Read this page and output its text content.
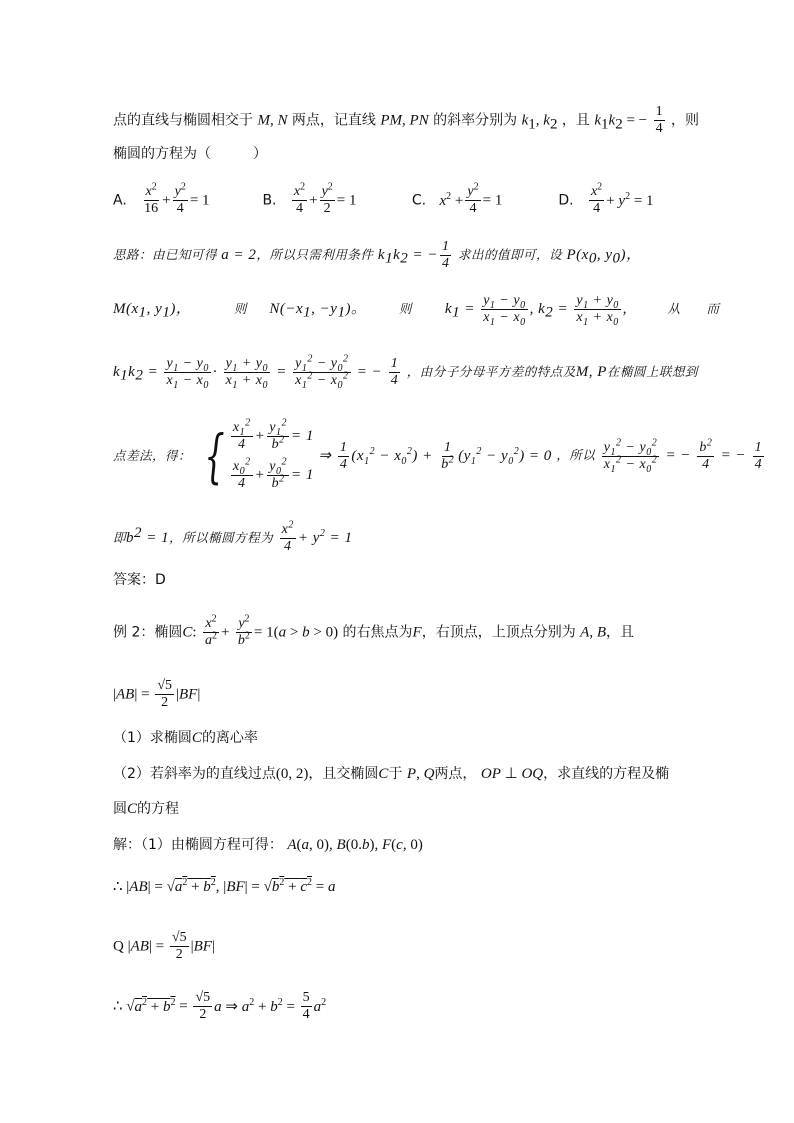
点的直线与椭圆相交于 M, N 两点，记直线 PM, PN 的斜率分别为 $k_1$, $k_2$ ，且 $k_1k_2$ = − $\frac{1}{4}$ ，则
椭圆的方程为（　　　）
A. $\frac{x^2}{16} + \frac{y^2}{4} = 1$	B. $\frac{x^2}{4} + \frac{y^2}{2} = 1$	C. $x^2 + \frac{y^2}{4} = 1$	D. $\frac{x^2}{4} + y^2 = 1$
思路：由已知可得 a = 2，所以只需利用条件 $k_1k_2$ = − $\frac{1}{4}$ 求出的值即可，设 $P(x_0$, $y_0$)，
$M(x_1$, $y_1$)，	则 $N(-x_1$, $-y_1$)。	则 $k_1 = \frac{y_1 - y_0}{x_1 - x_0}$ , $k_2 = \frac{y_1 + y_0}{x_1 + x_0}$ ,	从　　而
$k_1k_2 = \frac{y_1 - y_0}{x_1 - x_0} \cdot \frac{y_1 + y_0}{x_1 + x_0} = \frac{y_1^2 - y_0^2}{x_1^2 - x_0^2}$ = − $\frac{1}{4}$ ，由分子分母平方差的特点及M, P在椭圆上联想到
点差法，得： { $\frac{x_1^2}{4} + \frac{y_1^2}{b^2} = 1$
$\frac{x_0^2}{4} + \frac{y_0^2}{b^2} = 1$
⇒ $\frac{1}{4} (x_1^2 - x_0^2) + \frac{1}{b^2} (y_1^2 - y_0^2) = 0$ ，所以 $\frac{y_1^2 - y_0^2}{x_1^2 - x_0^2}$ = − $\frac{b^2}{4}$ = − $\frac{1}{4}$
即$b^2 = 1$，所以椭圆方程为 $\frac{x^2}{4} + y^2 = 1$
答案：D
例 2：椭圆C: $\frac{x^2}{a^2} + \frac{y^2}{b^2} = 1(a > b > 0)$ 的右焦点为F，右顶点，上顶点分别为 A, B，且
$|AB| = \frac{√5}{2} |BF|$
（1）求椭圆C的离心率
（2）若斜率为的直线过点(0, 2)，且交椭圆C于 P, Q两点， OP ⊥ OQ，求直线的方程及椭
圆C的方程
解：（1）由椭圆方程可得： A(a, 0), B(0.b), F(c, 0)
∴ $|AB| = √a^2 + b^2$, $|BF| = √b^2 + c^2 = a$
Q $|AB| = \frac{√5}{2} |BF|$
∴ $√a^2 + b^2 = \frac{√5}{2}$ a ⇒ $a^2 + b^2 = \frac{5}{4} a^2$
